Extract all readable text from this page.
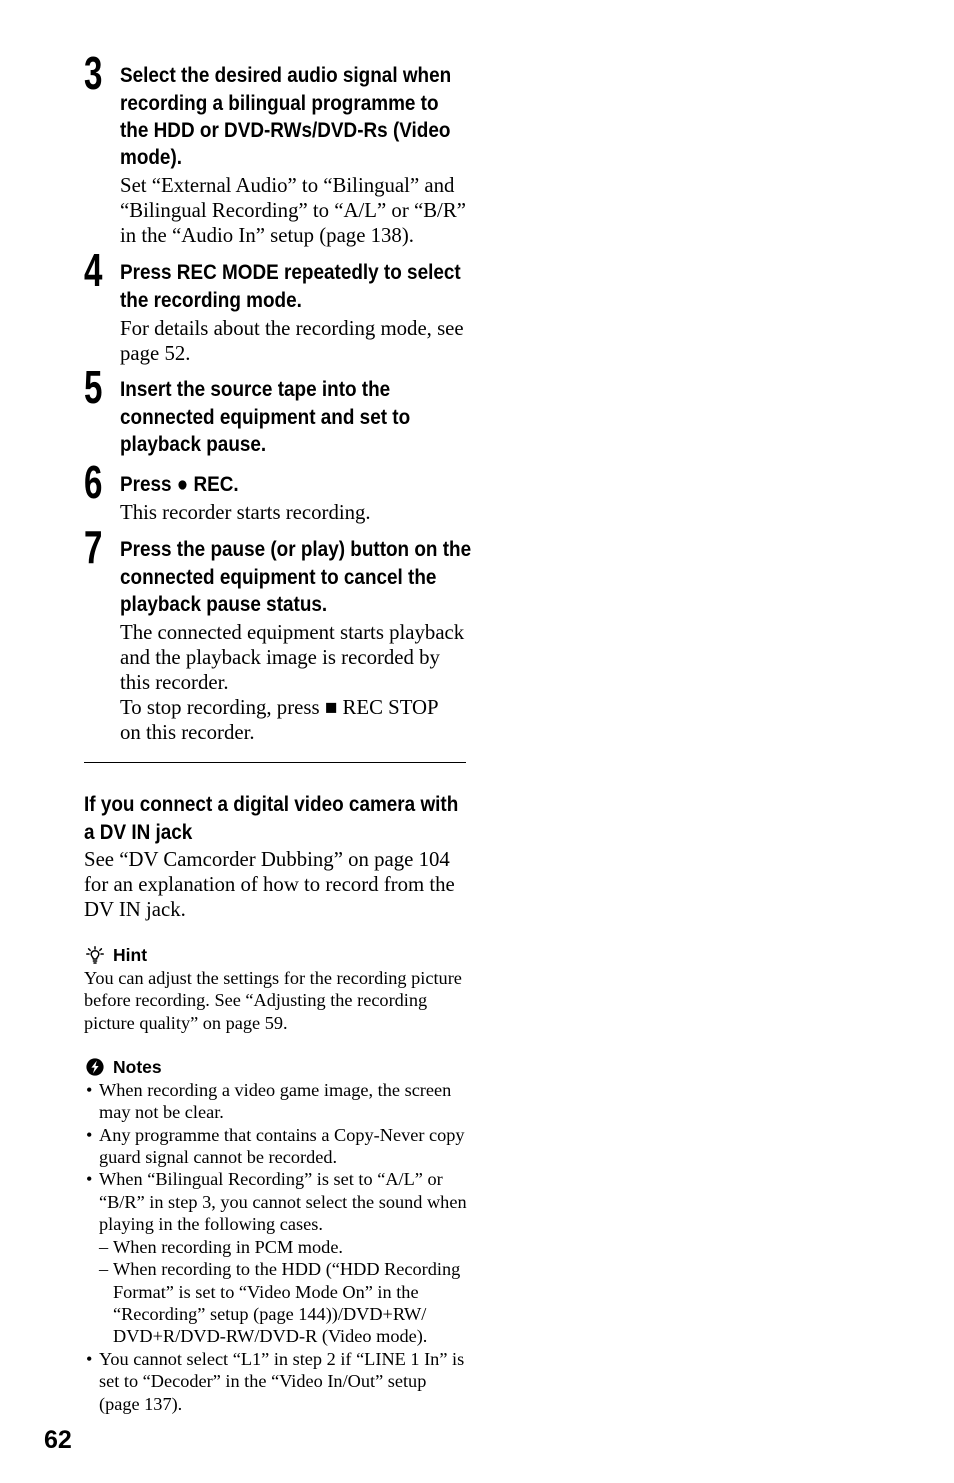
3 Select the desired audio signal when
recording a bilingual programme to
the HDD or DVD-RWs/DVD-Rs (Video
mode).
Set “External Audio” to “Bilingual” and
“Bilingual Recording” to “A/L” or “B/R”
in the “Audio In” setup (page 138).
4 Press REC MODE repeatedly to select
the recording mode.
For details about the recording mode, see
page 52.
5 Insert the source tape into the
connected equipment and set to
playback pause.
6 Press ● REC.
This recorder starts recording.
7 Press the pause (or play) button on the
connected equipment to cancel the
playback pause status.
The connected equipment starts playback
and the playback image is recorded by
this recorder.
To stop recording, press ■ REC STOP
on this recorder.
If you connect a digital video camera with
a DV IN jack
See “DV Camcorder Dubbing” on page 104
for an explanation of how to record from the
DV IN jack.
Hint
You can adjust the settings for the recording picture
before recording. See “Adjusting the recording
picture quality” on page 59.
Notes
• When recording a video game image, the screen
may not be clear.
• Any programme that contains a Copy-Never copy
guard signal cannot be recorded.
• When “Bilingual Recording” is set to “A/L” or
“B/R” in step 3, you cannot select the sound when
playing in the following cases.
– When recording in PCM mode.
– When recording to the HDD (“HDD Recording
Format” is set to “Video Mode On” in the
“Recording” setup (page 144))/DVD+RW/
DVD+R/DVD-RW/DVD-R (Video mode).
• You cannot select “L1” in step 2 if “LINE 1 In” is
set to “Decoder” in the “Video In/Out” setup
(page 137).
62
